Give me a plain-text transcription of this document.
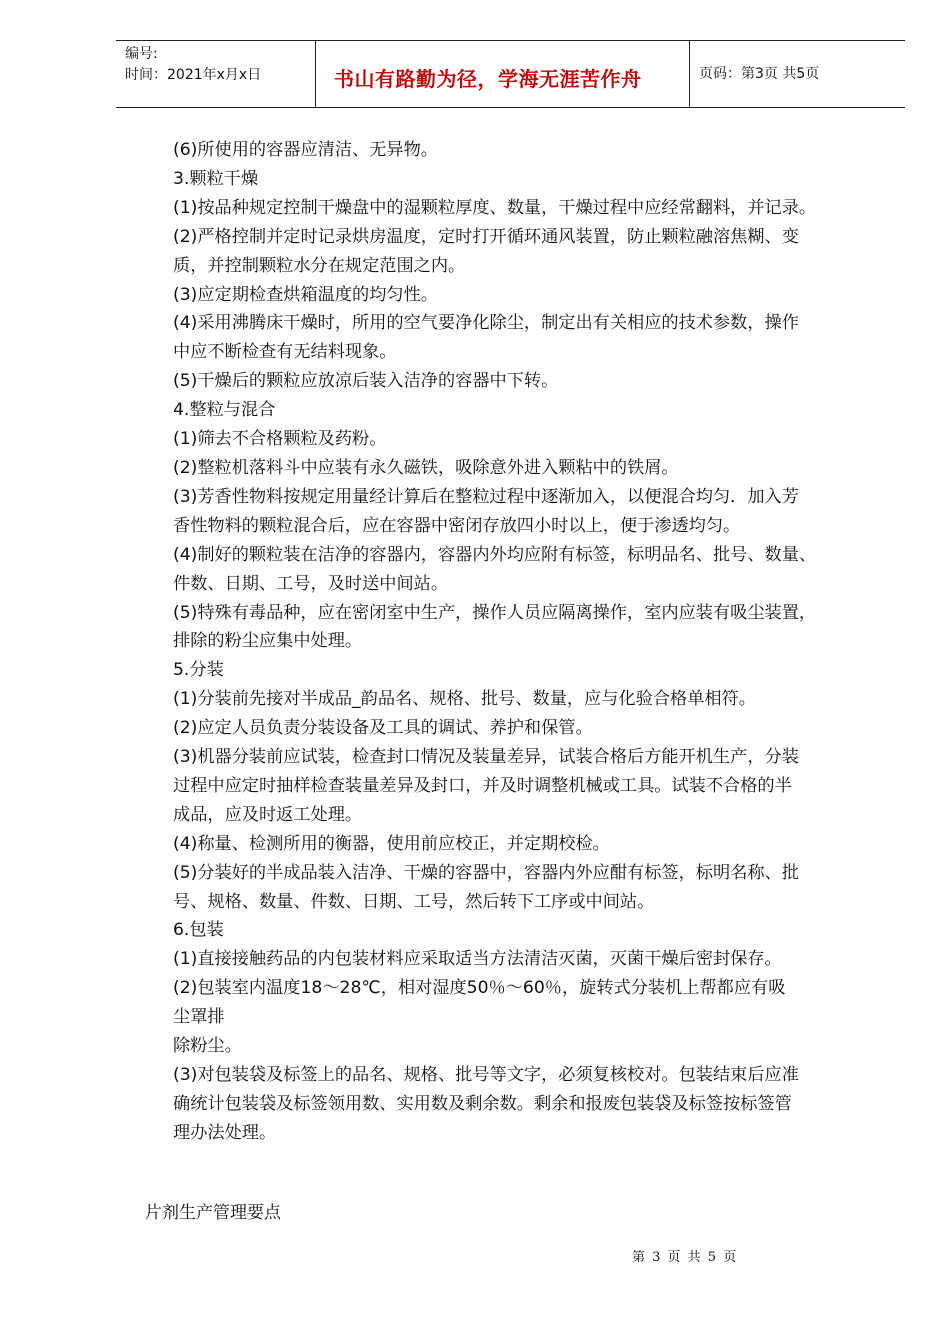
编号:
时间：2021年x月x日	书山有路勤为径，学海无涯苦作舟	页码：第3页 共5页
(6)所使用的容器应清洁、无异物。
3.颗粒干燥
(1)按品种规定控制干燥盘中的湿颗粒厚度、数量，干燥过程中应经常翻料，并记录。
(2)严格控制并定时记录烘房温度，定时打开循环通风装置，防止颗粒融溶焦糊、变
质，并控制颗粒水分在规定范围之内。
(3)应定期检查烘箱温度的均匀性。
(4)采用沸腾床干燥时，所用的空气要净化除尘，制定出有关相应的技术参数，操作
中应不断检查有无结料现象。
(5)干燥后的颗粒应放凉后装入洁净的容器中下转。
4.整粒与混合
(1)筛去不合格颗粒及药粉。
(2)整粒机落料斗中应装有永久磁铁，吸除意外进入颗粘中的铁屑。
(3)芳香性物料按规定用量经计算后在整粒过程中逐渐加入，以便混合均匀．加入芳
香性物料的颗粒混合后，应在容器中密闭存放四小时以上，便于渗透均匀。
(4)制好的颗粒装在洁净的容器内，容器内外均应附有标签，标明品名、批号、数量、
件数、日期、工号，及时送中间站。
(5)特殊有毒品种，应在密闭室中生产，操作人员应隔离操作，室内应装有吸尘装置，
排除的粉尘应集中处理。
5.分装
(1)分装前先接对半成品_韵品名、规格、批号、数量，应与化验合格单相符。
(2)应定人员负责分装设备及工具的调试、养护和保管。
(3)机器分装前应试装，检查封口情况及装量差异，试装合格后方能开机生产，分装
过程中应定时抽样检查装量差异及封口，并及时调整机械或工具。试装不合格的半
成品，应及时返工处理。
(4)称量、检测所用的衡器，使用前应校正，并定期校检。
(5)分装好的半成品装入洁净、干燥的容器中，容器内外应酣有标签，标明名称、批
号、规格、数量、件数、日期、工号，然后转下工序或中间站。
6.包装
(1)直接接触药品的内包装材料应采取适当方法清洁灭菌，灭菌干燥后密封保存。
(2)包装室内温度18～28℃，相对湿度50％～60％，旋转式分装机上帮都应有吸
尘罩排
除粉尘。
(3)对包装袋及标签上的品名、规格、批号等文字，必须复核校对。包装结束后应准
确统计包装袋及标签领用数、实用数及剩余数。剩余和报废包装袋及标签按标签管
理办法处理。
片剂生产管理要点
第 3 页 共 5 页
